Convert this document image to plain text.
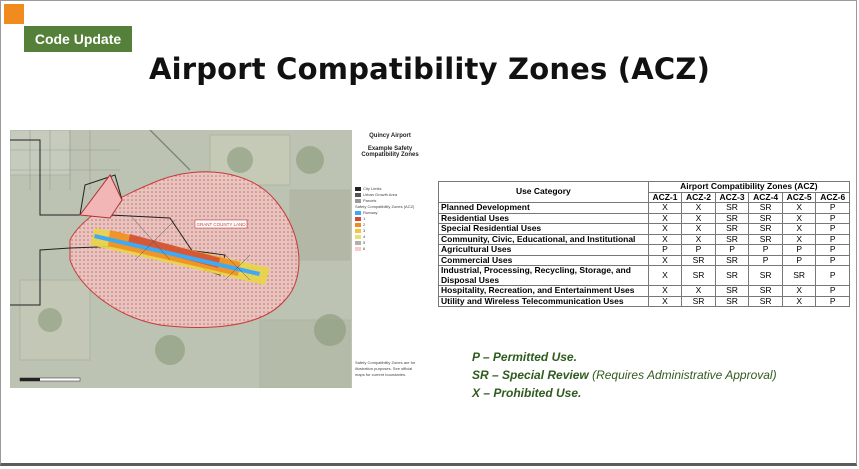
Code Update
Airport Compatibility Zones (ACZ)
GRANT COUNTY LAND
Quincy Airport
Example Safety Compatibility Zones
City Limits
Urban Growth Area
Parcels
Safety Compatibility Zones (ACZ)
Runway
1
2
3
4
5
6
Safety Compatibility Zones are for illustration purposes. See official maps for current boundaries.
Use Category	Airport Compatibility Zones (ACZ)					
	ACZ-1	ACZ-2	ACZ-3	ACZ-4	ACZ-5	ACZ-6
Planned Development	X	X	SR	SR	X	P
Residential Uses	X	X	SR	SR	X	P
Special Residential Uses	X	X	SR	SR	X	P
Community, Civic, Educational, and Institutional	X	X	SR	SR	X	P
Agricultural Uses	P	P	P	P	P	P
Commercial Uses	X	SR	SR	P	P	P
Industrial, Processing, Recycling, Storage, and Disposal Uses	X	SR	SR	SR	SR	P
Hospitality, Recreation, and Entertainment Uses	X	X	SR	SR	X	P
Utility and Wireless Telecommunication Uses	X	SR	SR	SR	X	P
P – Permitted Use.
SR – Special Review (Requires Administrative Approval)
X – Prohibited Use.
